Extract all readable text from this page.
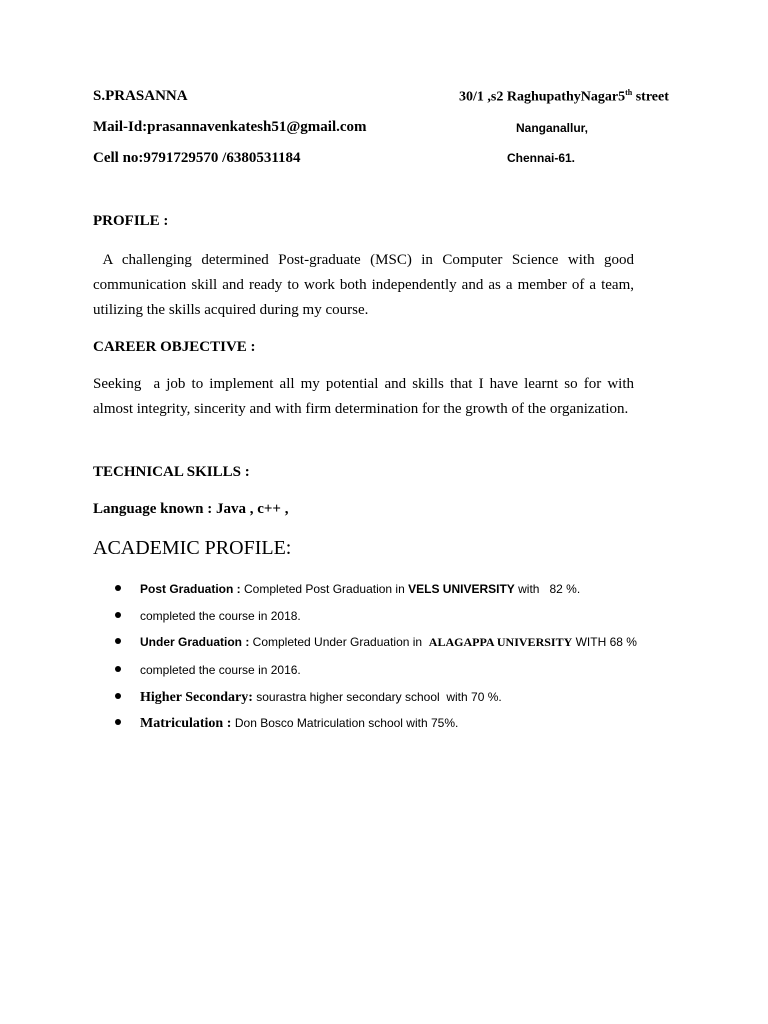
S.PRASANNA
Mail-Id:prasannavenkatesh51@gmail.com
Cell no:9791729570 /6380531184
30/1 ,s2 RaghupathyNagar5th street
Nanganallur,
Chennai-61.
PROFILE :

A challenging determined Post-graduate (MSC) in Computer Science with good communication skill and ready to work both independently and as a member of a team, utilizing the skills acquired during my course.

CAREER OBJECTIVE :

Seeking  a job to implement all my potential and skills that I have learnt so for with almost integrity, sincerity and with firm determination for the growth of the organization.

TECHNICAL SKILLS :
Language known : Java , c++ ,
ACADEMIC PROFILE:
Post Graduation : Completed Post Graduation in VELS UNIVERSITY with   82 %.
completed the course in 2018.
Under Graduation : Completed Under Graduation in  ALAGAPPA UNIVERSITY WITH 68 %
completed the course in 2016.
Higher Secondary: sourastra higher secondary school  with 70 %.
Matriculation : Don Bosco Matriculation school with 75%.
